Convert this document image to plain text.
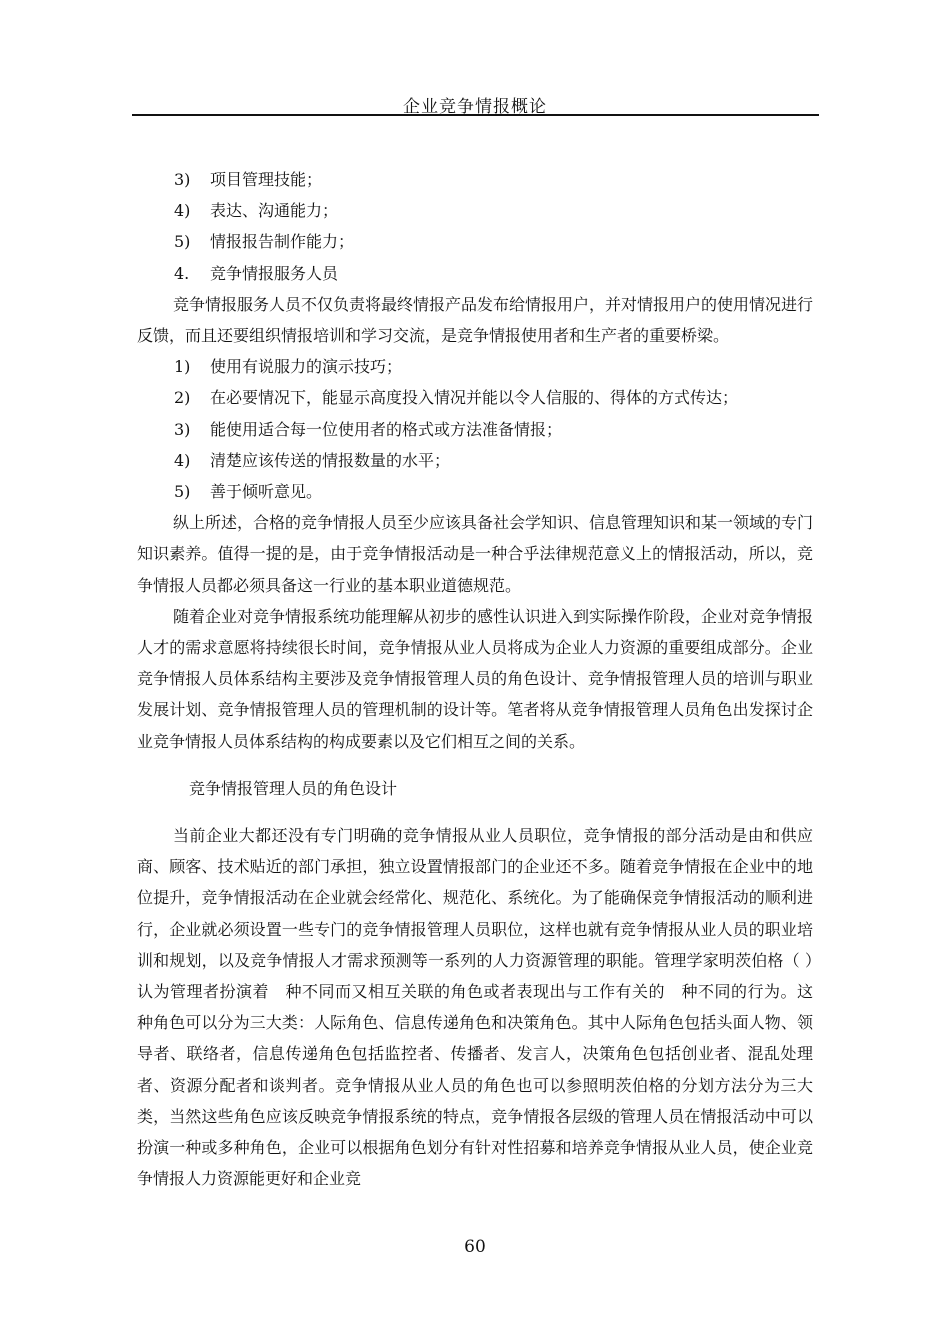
企业竞争情报概论

3)	项目管理技能；

4)	表达、沟通能力；

5)	情报报告制作能力；

4.	竞争情报服务人员

竞争情报服务人员不仅负责将最终情报产品发布给情报用户，并对情报用户的使用情况进行反馈，而且还要组织情报培训和学习交流，是竞争情报使用者和生产者的重要桥梁。

1)	使用有说服力的演示技巧；

2)	在必要情况下，能显示高度投入情况并能以令人信服的、得体的方式传达；

3)	能使用适合每一位使用者的格式或方法准备情报；

4)	清楚应该传送的情报数量的水平；

5)	善于倾听意见。

纵上所述，合格的竞争情报人员至少应该具备社会学知识、信息管理知识和某一领域的专门知识素养。值得一提的是，由于竞争情报活动是一种合乎法律规范意义上的情报活动，所以，竞争情报人员都必须具备这一行业的基本职业道德规范。

随着企业对竞争情报系统功能理解从初步的感性认识进入到实际操作阶段，企业对竞争情报人才的需求意愿将持续很长时间，竞争情报从业人员将成为企业人力资源的重要组成部分。企业竞争情报人员体系结构主要涉及竞争情报管理人员的角色设计、竞争情报管理人员的培训与职业发展计划、竞争情报管理人员的管理机制的设计等。笔者将从竞争情报管理人员角色出发探讨企业竞争情报人员体系结构的构成要素以及它们相互之间的关系。

竞争情报管理人员的角色设计

当前企业大都还没有专门明确的竞争情报从业人员职位，竞争情报的部分活动是由和供应商、顾客、技术贴近的部门承担，独立设置情报部门的企业还不多。随着竞争情报在企业中的地位提升，竞争情报活动在企业就会经常化、规范化、系统化。为了能确保竞争情报活动的顺利进行，企业就必须设置一些专门的竞争情报管理人员职位，这样也就有竞争情报从业人员的职业培训和规划，以及竞争情报人才需求预测等一系列的人力资源管理的职能。管理学家明茨伯格（ ）认为管理者扮演着　种不同而又相互关联的角色或者表现出与工作有关的　种不同的行为。这　种角色可以分为三大类：人际角色、信息传递角色和决策角色。其中人际角色包括头面人物、领导者、联络者，信息传递角色包括监控者、传播者、发言人，决策角色包括创业者、混乱处理者、资源分配者和谈判者。竞争情报从业人员的角色也可以参照明茨伯格的分划方法分为三大类，当然这些角色应该反映竞争情报系统的特点，竞争情报各层级的管理人员在情报活动中可以扮演一种或多种角色，企业可以根据角色划分有针对性招募和培养竞争情报从业人员，使企业竞争情报人力资源能更好和企业竞

60
